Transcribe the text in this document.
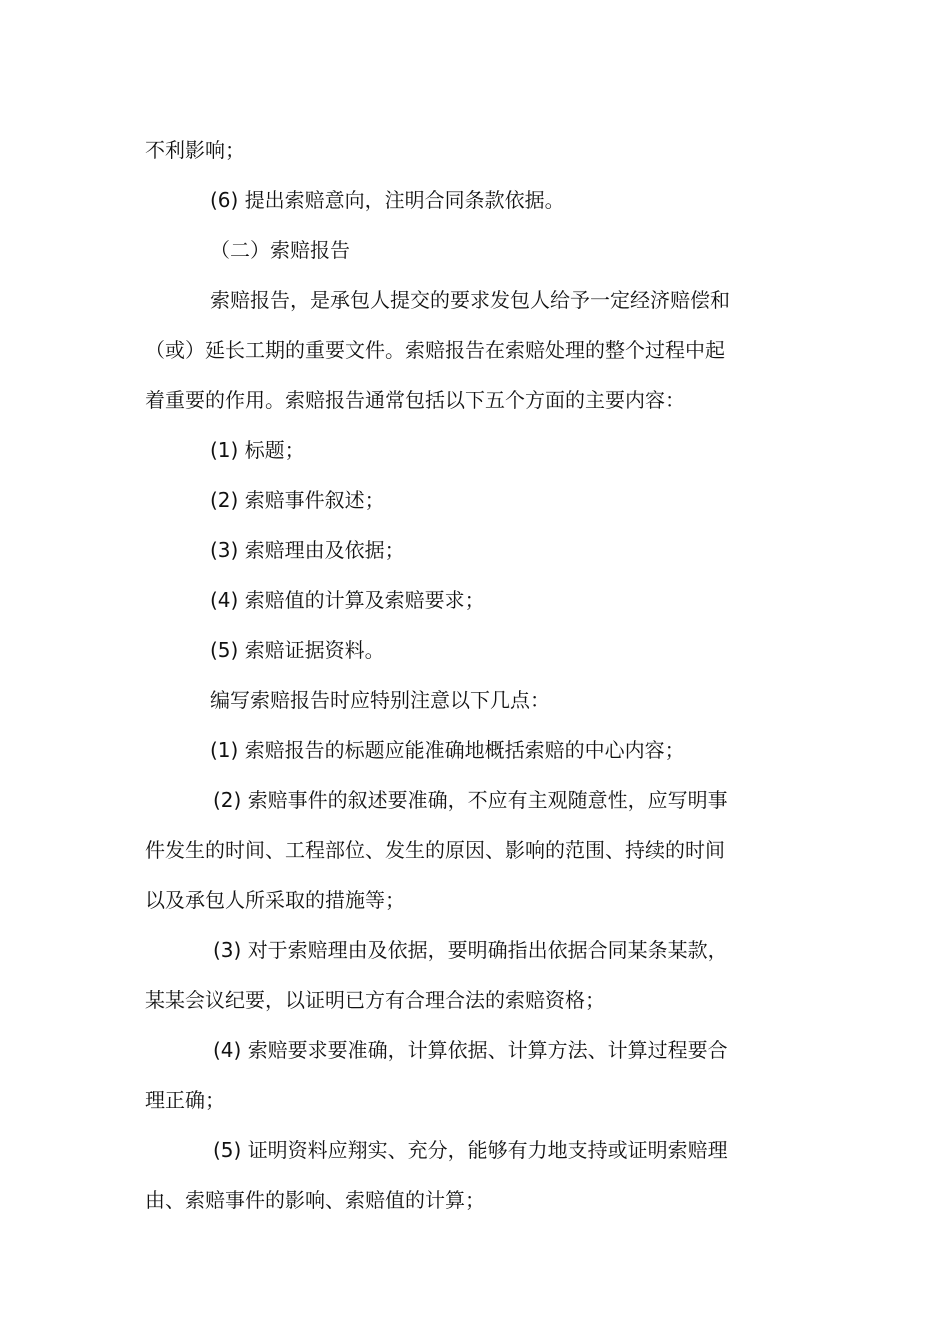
不利影响；
(6) 提出索赔意向，注明合同条款依据。
（二）索赔报告
索赔报告，是承包人提交的要求发包人给予一定经济赔偿和
（或）延长工期的重要文件。索赔报告在索赔处理的整个过程中起
着重要的作用。索赔报告通常包括以下五个方面的主要内容：
(1) 标题；
(2) 索赔事件叙述；
(3) 索赔理由及依据；
(4) 索赔值的计算及索赔要求；
(5) 索赔证据资料。
编写索赔报告时应特别注意以下几点：
(1) 索赔报告的标题应能准确地概括索赔的中心内容；
(2) 索赔事件的叙述要准确，不应有主观随意性，应写明事
件发生的时间、工程部位、发生的原因、影响的范围、持续的时间
以及承包人所采取的措施等；
(3) 对于索赔理由及依据，要明确指出依据合同某条某款，
某某会议纪要，以证明已方有合理合法的索赔资格；
(4) 索赔要求要准确，计算依据、计算方法、计算过程要合
理正确；
(5) 证明资料应翔实、充分，能够有力地支持或证明索赔理
由、索赔事件的影响、索赔值的计算；
